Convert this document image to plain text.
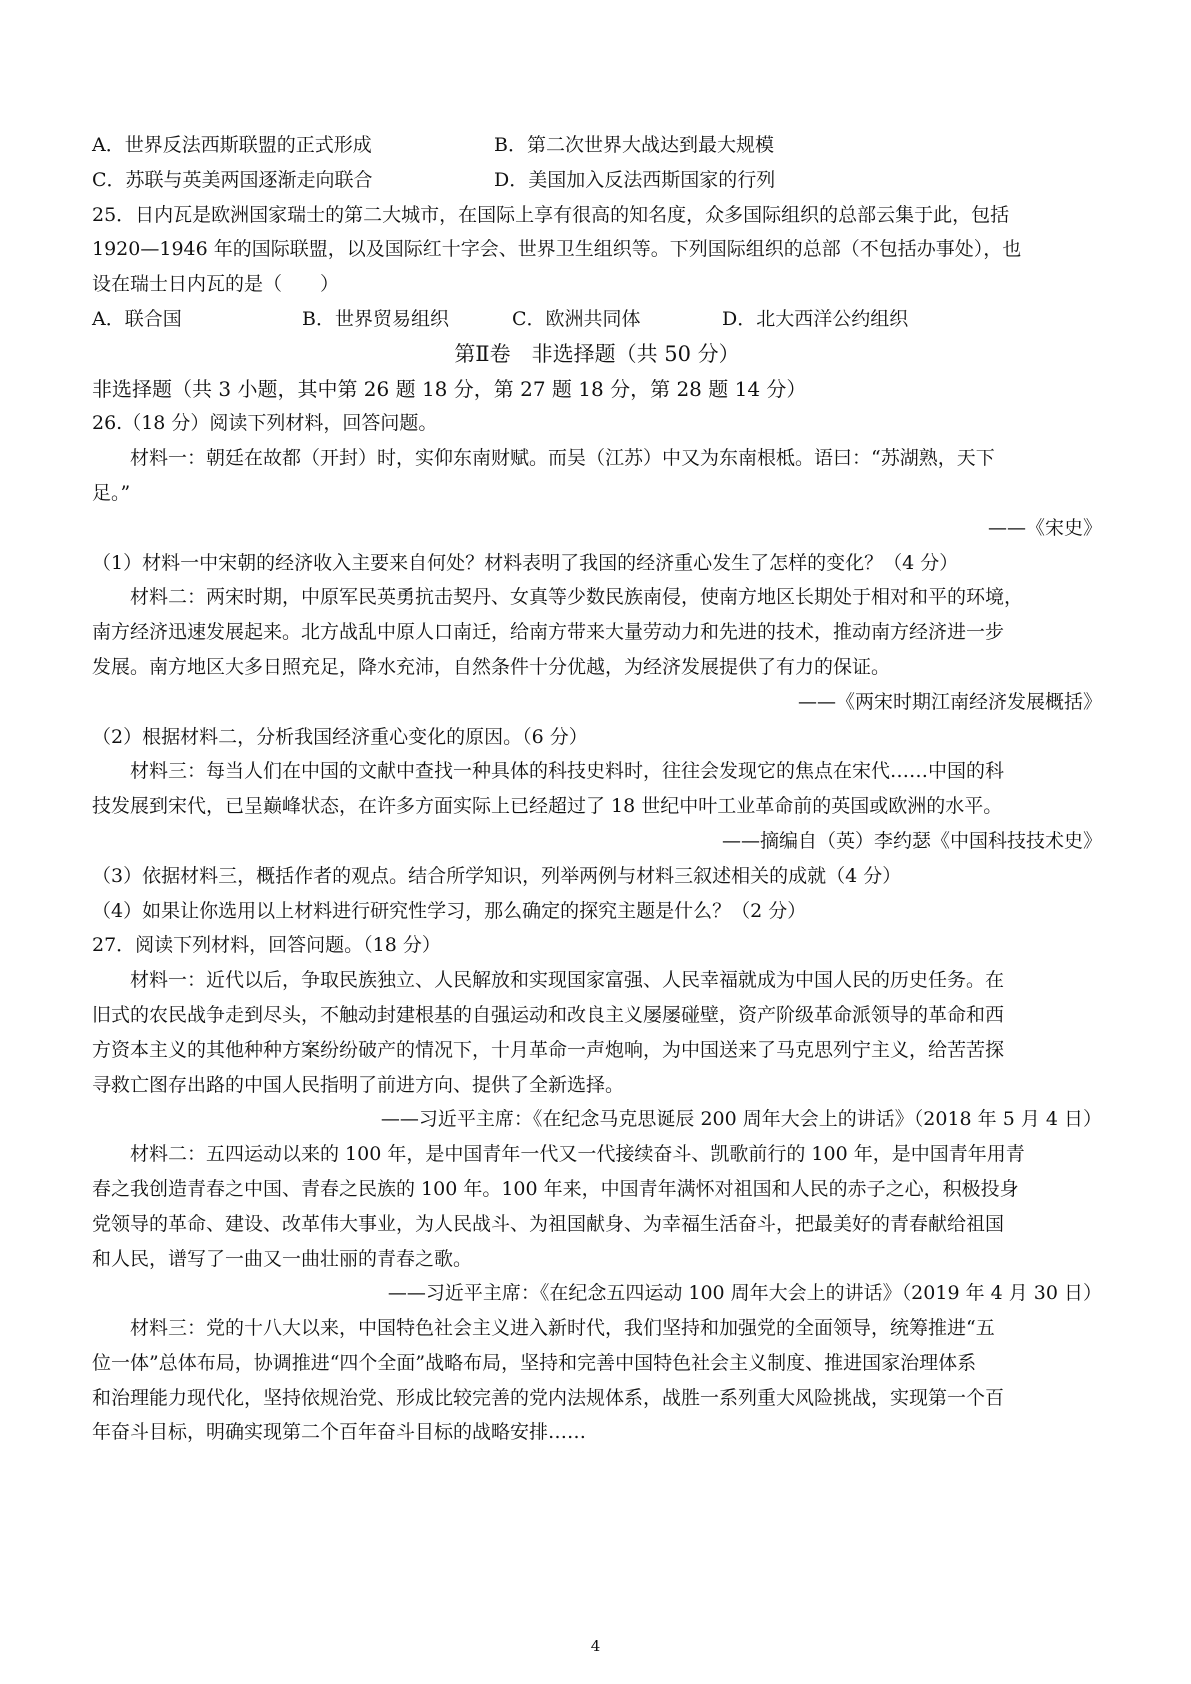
A．世界反法西斯联盟的正式形成	B．第二次世界大战达到最大规模
C．苏联与英美两国逐渐走向联合	D．美国加入反法西斯国家的行列
25．日内瓦是欧洲国家瑞士的第二大城市，在国际上享有很高的知名度，众多国际组织的总部云集于此，包括
1920—1946 年的国际联盟，以及国际红十字会、世界卫生组织等。下列国际组织的总部（不包括办事处），也
设在瑞士日内瓦的是（　　）
A．联合国	B．世界贸易组织	C．欧洲共同体	D．北大西洋公约组织
第Ⅱ卷　非选择题（共 50 分）
非选择题（共 3 小题，其中第 26 题 18 分，第 27 题 18 分，第 28 题 14 分）
26.（18 分）阅读下列材料，回答问题。
材料一：朝廷在故都（开封）时，实仰东南财赋。而吴（江苏）中又为东南根柢。语曰：“苏湖熟，天下
足。”
——《宋史》
（1）材料一中宋朝的经济收入主要来自何处？材料表明了我国的经济重心发生了怎样的变化？（4 分）
材料二：两宋时期，中原军民英勇抗击契丹、女真等少数民族南侵，使南方地区长期处于相对和平的环境，
南方经济迅速发展起来。北方战乱中原人口南迁，给南方带来大量劳动力和先进的技术，推动南方经济进一步
发展。南方地区大多日照充足，降水充沛，自然条件十分优越，为经济发展提供了有力的保证。
——《两宋时期江南经济发展概括》
（2）根据材料二，分析我国经济重心变化的原因。（6 分）
材料三：每当人们在中国的文献中查找一种具体的科技史料时，往往会发现它的焦点在宋代……中国的科
技发展到宋代，已呈巅峰状态，在许多方面实际上已经超过了 18 世纪中叶工业革命前的英国或欧洲的水平。
——摘编自（英）李约瑟《中国科技技术史》
（3）依据材料三，概括作者的观点。结合所学知识，列举两例与材料三叙述相关的成就（4 分）
（4）如果让你选用以上材料进行研究性学习，那么确定的探究主题是什么？（2 分）
27．阅读下列材料，回答问题。（18 分）
材料一：近代以后，争取民族独立、人民解放和实现国家富强、人民幸福就成为中国人民的历史任务。在
旧式的农民战争走到尽头，不触动封建根基的自强运动和改良主义屡屡碰壁，资产阶级革命派领导的革命和西
方资本主义的其他种种方案纷纷破产的情况下，十月革命一声炮响，为中国送来了马克思列宁主义，给苦苦探
寻救亡图存出路的中国人民指明了前进方向、提供了全新选择。
——习近平主席：《在纪念马克思诞辰 200 周年大会上的讲话》（2018 年 5 月 4 日）
材料二：五四运动以来的 100 年，是中国青年一代又一代接续奋斗、凯歌前行的 100 年，是中国青年用青
春之我创造青春之中国、青春之民族的 100 年。100 年来，中国青年满怀对祖国和人民的赤子之心，积极投身
党领导的革命、建设、改革伟大事业，为人民战斗、为祖国献身、为幸福生活奋斗，把最美好的青春献给祖国
和人民，谱写了一曲又一曲壮丽的青春之歌。
——习近平主席：《在纪念五四运动 100 周年大会上的讲话》（2019 年 4 月 30 日）
材料三：党的十八大以来，中国特色社会主义进入新时代，我们坚持和加强党的全面领导，统筹推进“五
位一体”总体布局，协调推进“四个全面”战略布局，坚持和完善中国特色社会主义制度、推进国家治理体系
和治理能力现代化，坚持依规治党、形成比较完善的党内法规体系，战胜一系列重大风险挑战，实现第一个百
年奋斗目标，明确实现第二个百年奋斗目标的战略安排……
4
